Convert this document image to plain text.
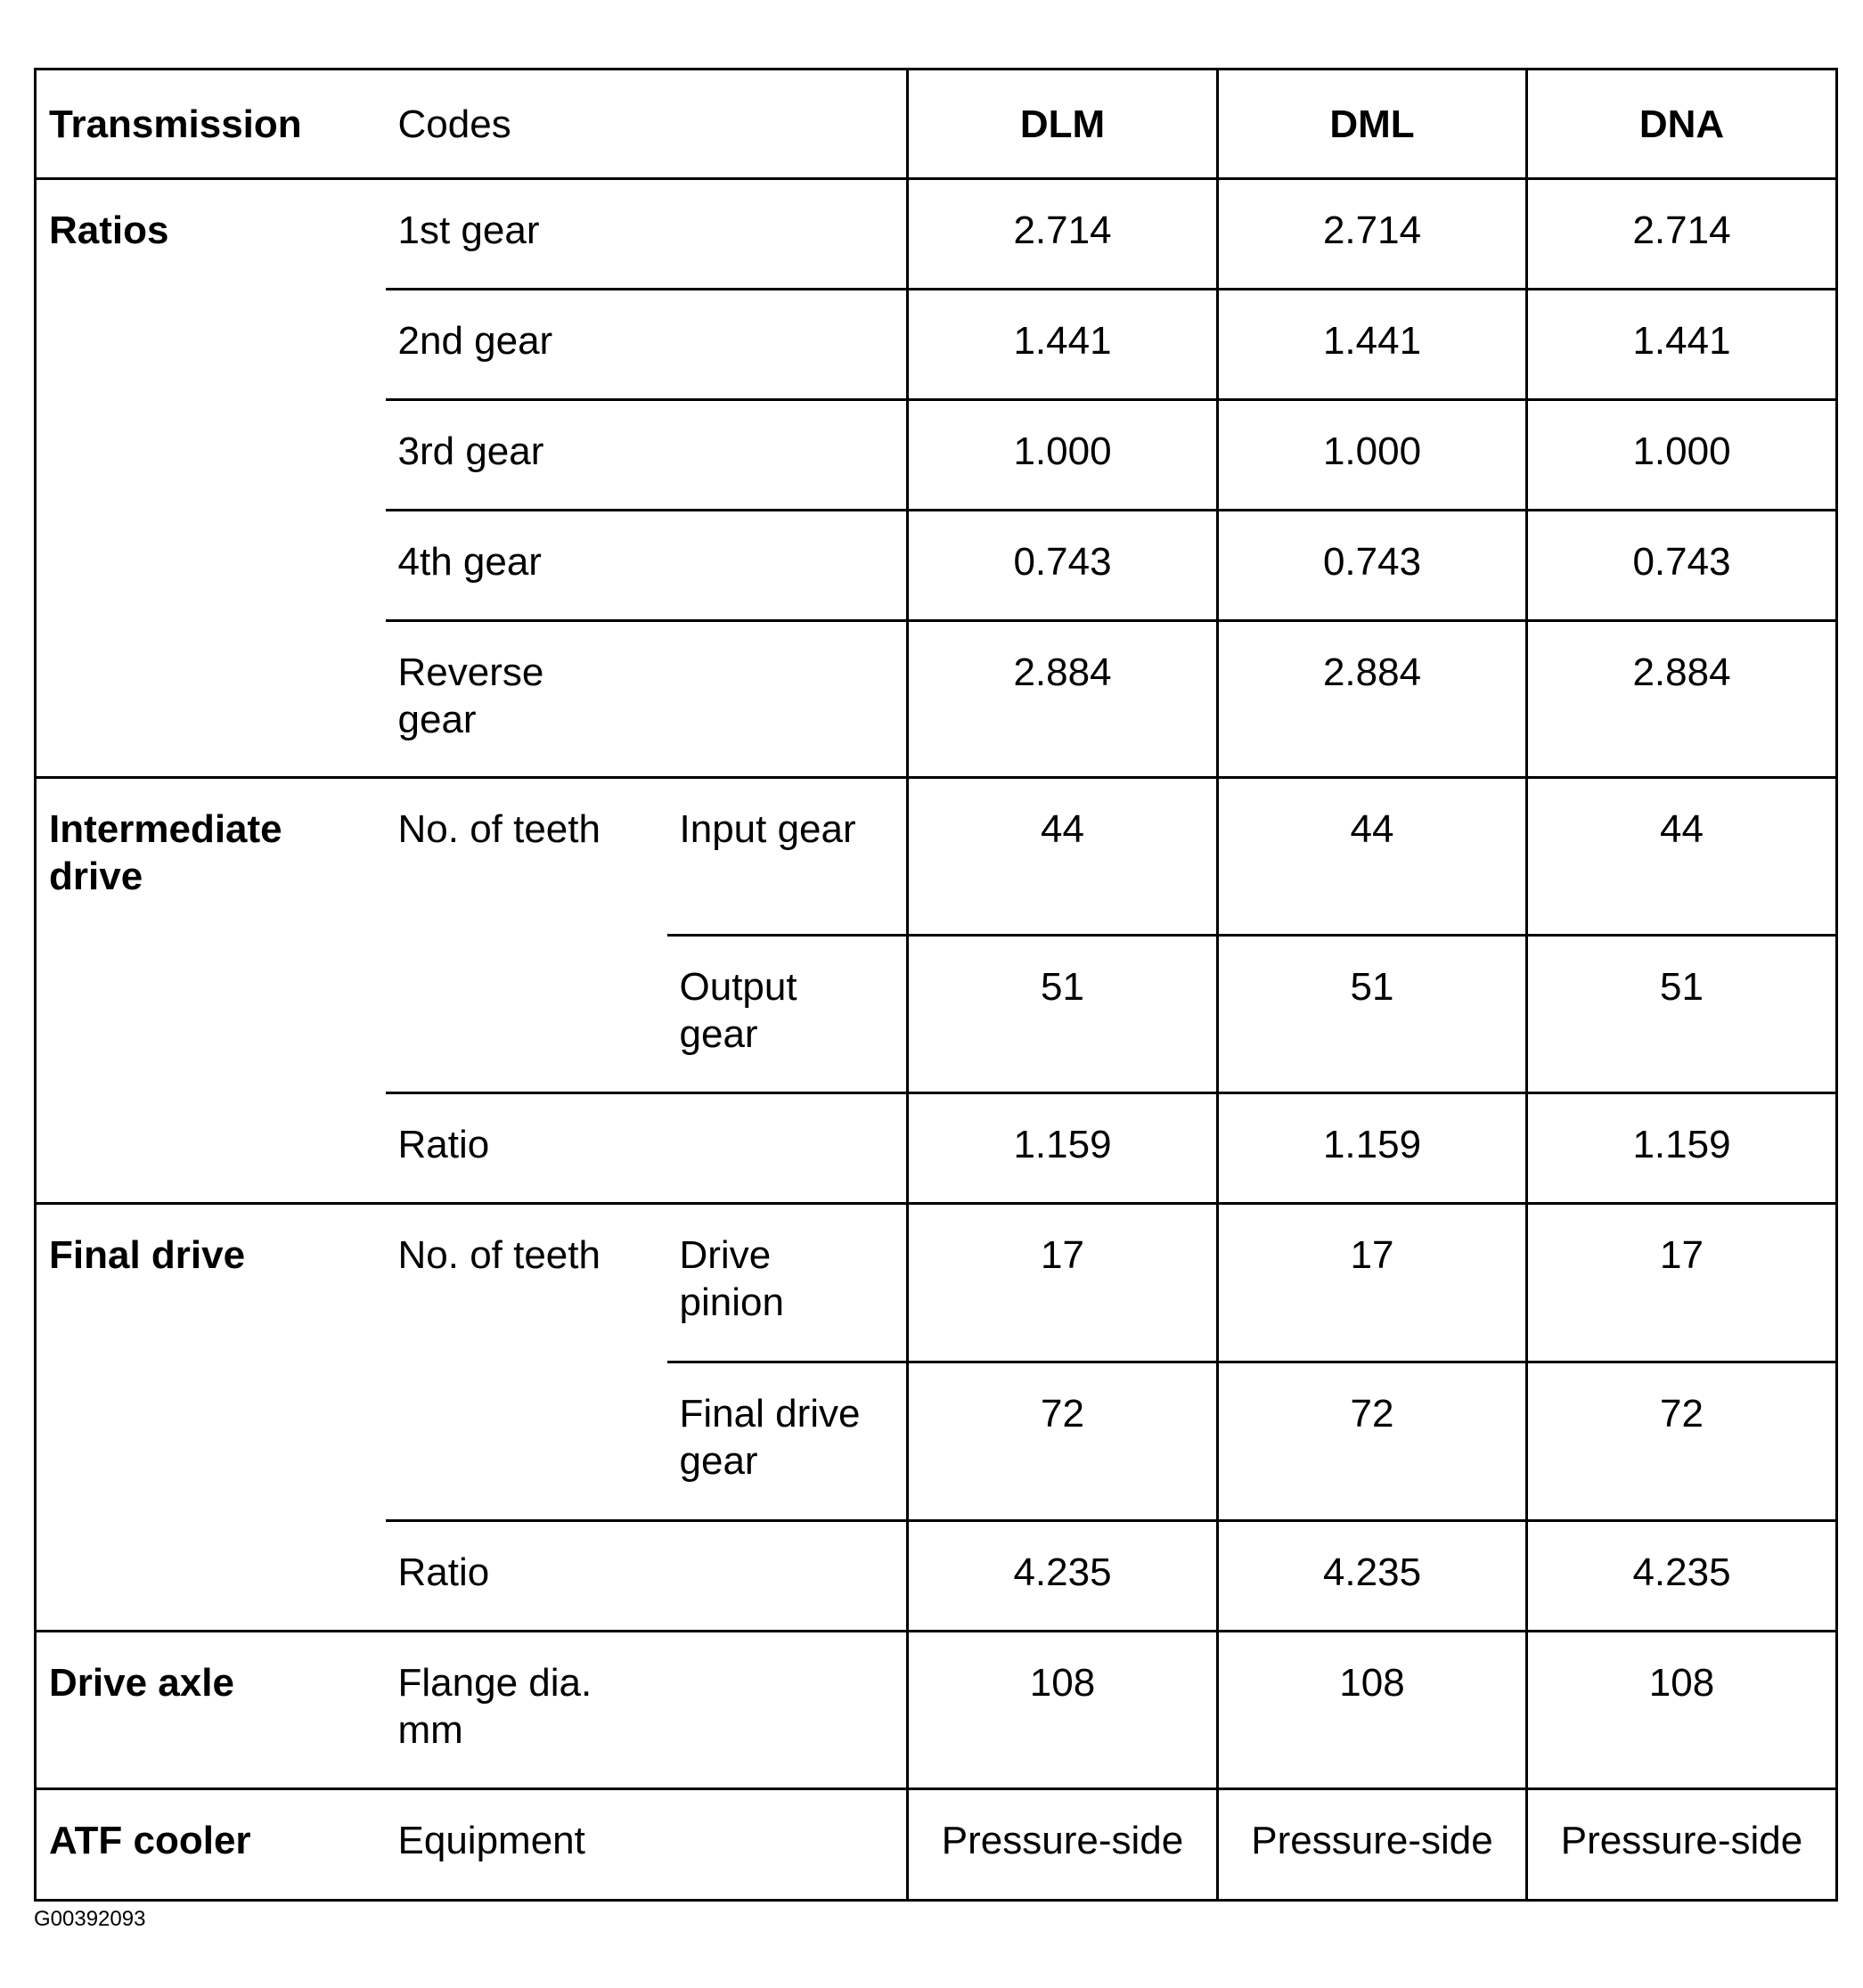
Transmission	Codes		DLM	DML	DNA
Ratios	1st gear		2.714	2.714	2.714
	2nd gear		1.441	1.441	1.441
	3rd gear		1.000	1.000	1.000
	4th gear		0.743	0.743	0.743

	Reverse gear		2.884	2.884	2.884

Intermediate drive	No. of teeth	Input gear	44	44	44

		Output gear	51	51	51
	Ratio		1.159	1.159	1.159
Final drive	No. of teeth	Drive pinion	17	17	17

		Final drive gear	72	72	72
	Ratio		4.235	4.235	4.235
Drive axle	Flange dia. mm		108	108	108
ATF cooler	Equipment		Pressure-side	Pressure-side	Pressure-side
G00392093
